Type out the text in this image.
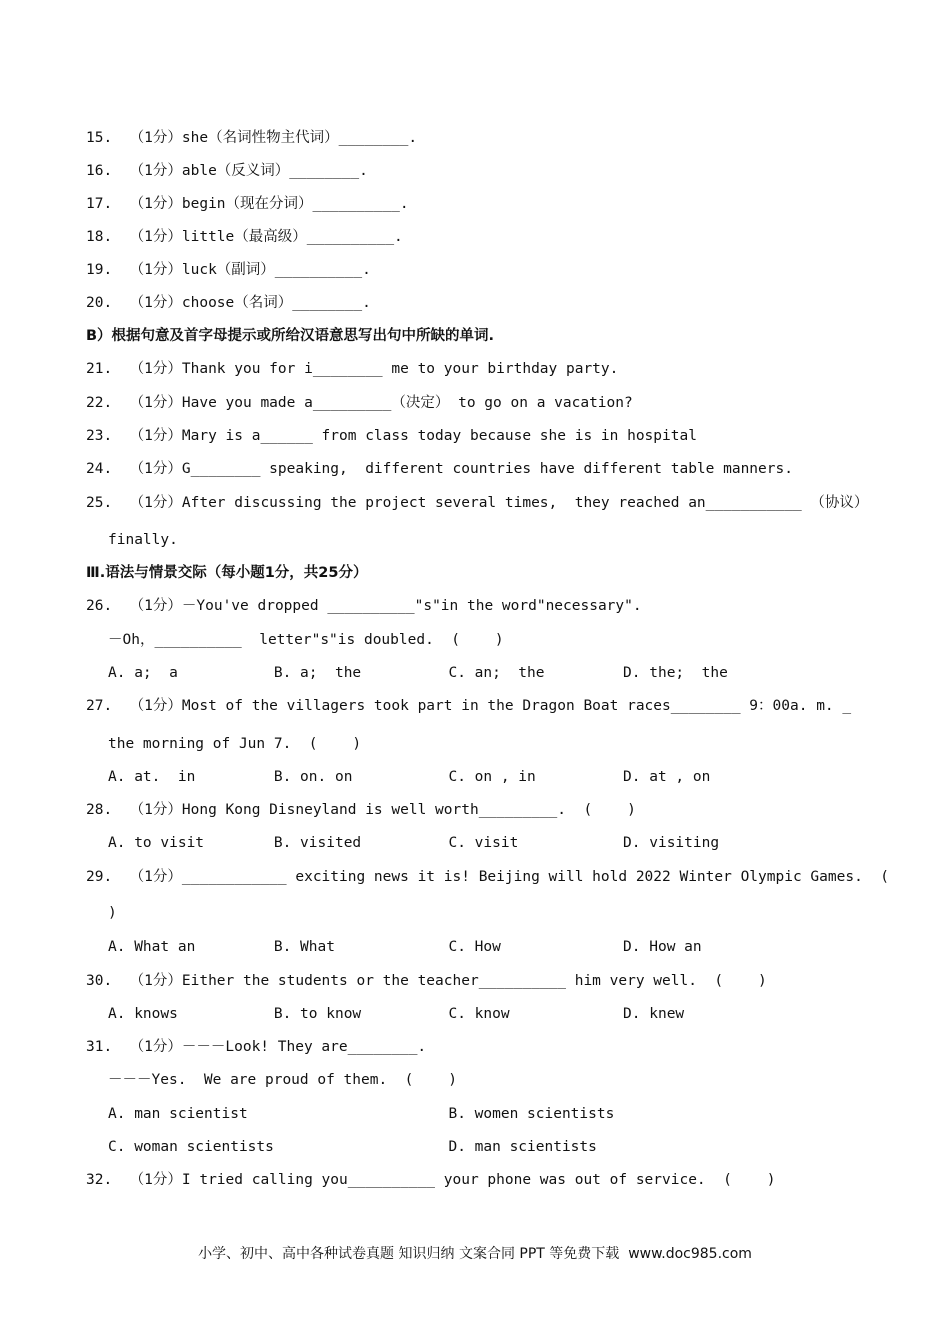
15.  （1分）she（名词性物主代词）________.
16.  （1分）able（反义词）________.
17.  （1分）begin（现在分词）__________.
18.  （1分）little（最高级）__________.
19.  （1分）luck（副词）__________.
20.  （1分）choose（名词）________.
B）根据句意及首字母提示或所给汉语意思写出句中所缺的单词.
21.  （1分）Thank you for i________ me to your birthday party.
22.  （1分）Have you made a_________（决定） to go on a vacation?
23.  （1分）Mary is a______ from class today because she is in hospital
24.  （1分）G________ speaking,  different countries have different table manners.
25.  （1分）After discussing the project several times,  they reached an___________ （协议）
finally.
Ⅲ.语法与情景交际（每小题1分，共25分）
26.  （1分）－You've dropped __________"s"in the word"necessary".
－Oh，__________  letter"s"is doubled.  (    )
A. a;  a           B. a;  the          C. an;  the         D. the;  the
27.  （1分）Most of the villagers took part in the Dragon Boat races________ 9：00a. m. _
the morning of Jun 7.  (    )
A. at.  in         B. on. on           C. on , in          D. at , on
28.  （1分）Hong Kong Disneyland is well worth_________.  (    )
A. to visit        B. visited          C. visit            D. visiting
29.  （1分）____________ exciting news it is! Beijing will hold 2022 Winter Olympic Games.  (
)
A. What an         B. What             C. How              D. How an
30.  （1分）Either the students or the teacher__________ him very well.  (    )
A. knows           B. to know          C. know             D. knew
31.  （1分）－－－Look! They are________.
－－－Yes.  We are proud of them.  (    )
A. man scientist                       B. women scientists
C. woman scientists                    D. man scientists
32.  （1分）I tried calling you__________ your phone was out of service.  (    )
小学、初中、高中各种试卷真题 知识归纳 文案合同 PPT 等免费下载  www.doc985.com
